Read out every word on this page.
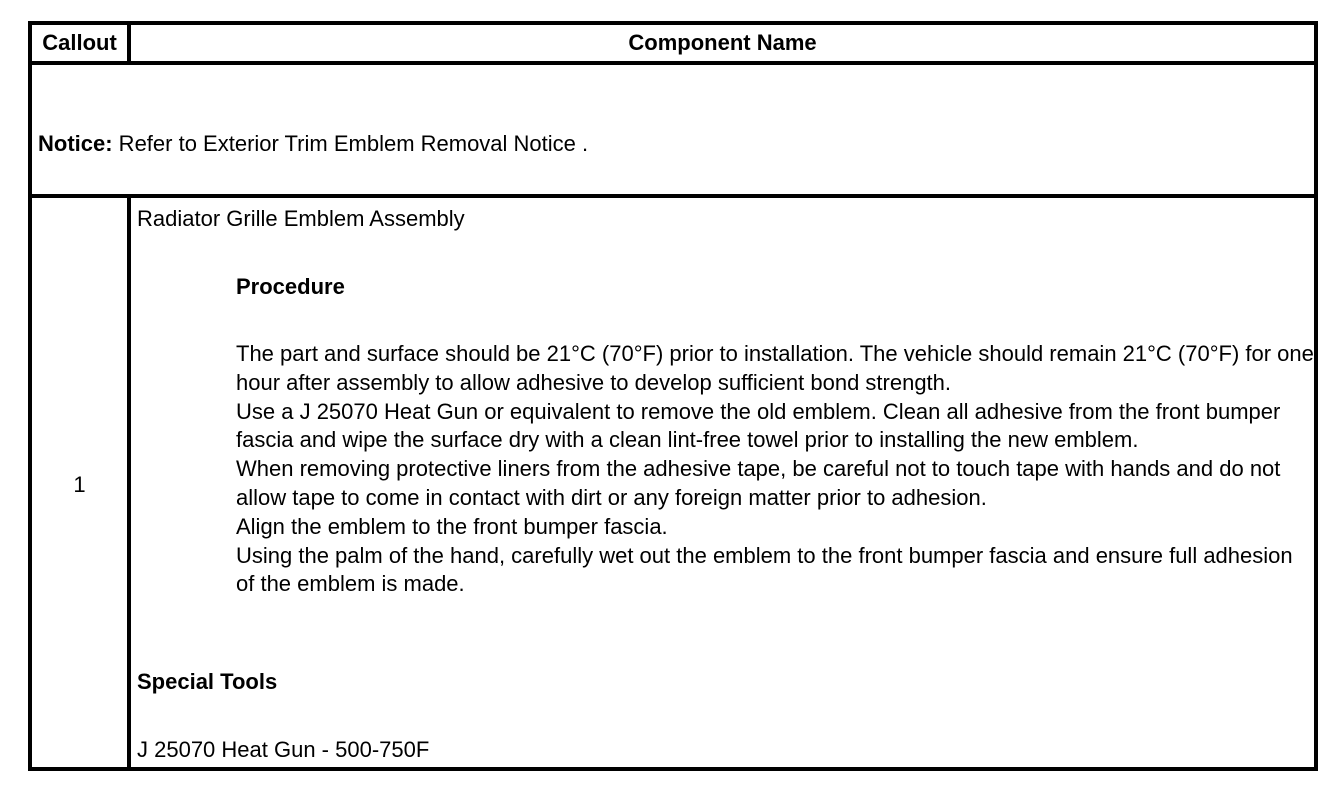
Callout	Component Name
Notice: Refer to Exterior Trim Emblem Removal Notice .
1
Radiator Grille Emblem Assembly
Procedure

The part and surface should be 21°C (70°F) prior to installation. The vehicle should remain 21°C (70°F) for one hour after assembly to allow adhesive to develop sufficient bond strength.

Use a J 25070 Heat Gun or equivalent to remove the old emblem. Clean all adhesive from the front bumper fascia and wipe the surface dry with a clean lint-free towel prior to installing the new emblem.

When removing protective liners from the adhesive tape, be careful not to touch tape with hands and do not allow tape to come in contact with dirt or any foreign matter prior to adhesion.

Align the emblem to the front bumper fascia.

Using the palm of the hand, carefully wet out the emblem to the front bumper fascia and ensure full adhesion of the emblem is made.

Special Tools
J 25070 Heat Gun - 500-750F
